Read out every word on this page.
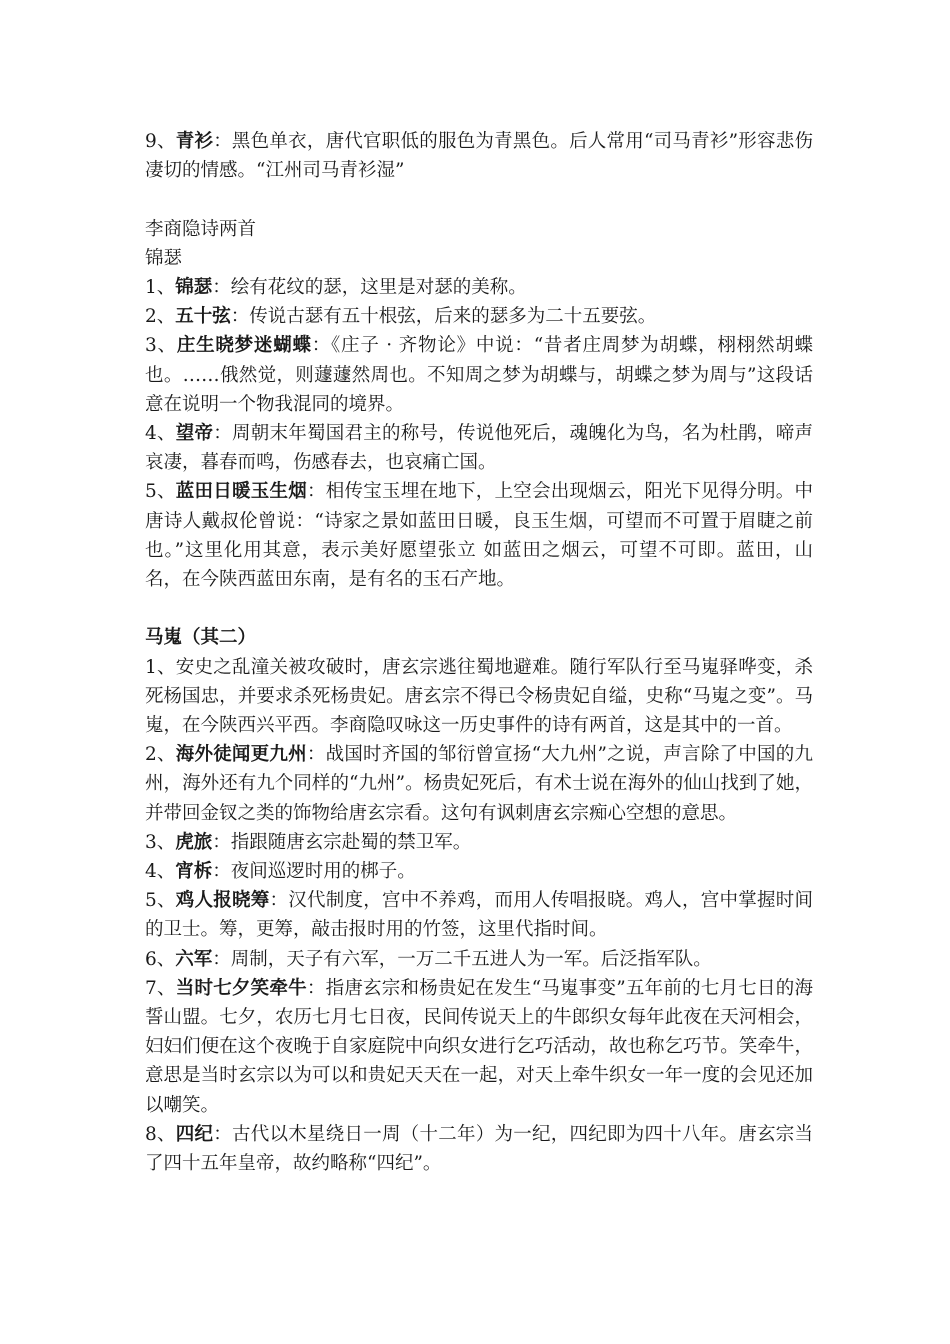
9、青衫：黑色单衣，唐代官职低的服色为青黑色。后人常用“司马青衫”形容悲伤凄切的情感。“江州司马青衫湿”

李商隐诗两首

锦瑟

1、锦瑟：绘有花纹的瑟，这里是对瑟的美称。

2、五十弦：传说古瑟有五十根弦，后来的瑟多为二十五要弦。

3、庄生晓梦迷蝴蝶：《庄子 · 齐物论》中说：“昔者庄周梦为胡蝶，栩栩然胡蝶也。……俄然觉，则蘧蘧然周也。不知周之梦为胡蝶与，胡蝶之梦为周与”这段话意在说明一个物我混同的境界。

4、望帝：周朝末年蜀国君主的称号，传说他死后，魂魄化为鸟，名为杜鹃，啼声哀凄，暮春而鸣，伤感春去，也哀痛亡国。

5、蓝田日暖玉生烟：相传宝玉埋在地下，上空会出现烟云，阳光下见得分明。中唐诗人戴叔伦曾说：“诗家之景如蓝田日暖，良玉生烟，可望而不可置于眉睫之前也。”这里化用其意，表示美好愿望张立 如蓝田之烟云，可望不可即。蓝田，山名，在今陕西蓝田东南，是有名的玉石产地。

马嵬（其二）

1、安史之乱潼关被攻破时，唐玄宗逃往蜀地避难。随行军队行至马嵬驿哗变，杀死杨国忠，并要求杀死杨贵妃。唐玄宗不得已令杨贵妃自缢，史称“马嵬之变”。马嵬，在今陕西兴平西。李商隐叹咏这一历史事件的诗有两首，这是其中的一首。

2、海外徒闻更九州：战国时齐国的邹衍曾宣扬“大九州”之说，声言除了中国的九州，海外还有九个同样的“九州”。杨贵妃死后，有术士说在海外的仙山找到了她，并带回金钗之类的饰物给唐玄宗看。这句有讽刺唐玄宗痴心空想的意思。

3、虎旅：指跟随唐玄宗赴蜀的禁卫军。

4、宵柝：夜间巡逻时用的梆子。

5、鸡人报晓筹：汉代制度，宫中不养鸡，而用人传唱报晓。鸡人，宫中掌握时间的卫士。筹，更筹，敲击报时用的竹签，这里代指时间。

6、六军：周制，天子有六军，一万二千五进人为一军。后泛指军队。

7、当时七夕笑牵牛：指唐玄宗和杨贵妃在发生“马嵬事变”五年前的七月七日的海誓山盟。七夕，农历七月七日夜，民间传说天上的牛郎织女每年此夜在天河相会，妇妇们便在这个夜晚于自家庭院中向织女进行乞巧活动，故也称乞巧节。笑牵牛，意思是当时玄宗以为可以和贵妃天天在一起，对天上牵牛织女一年一度的会见还加以嘲笑。

8、四纪：古代以木星绕日一周（十二年）为一纪，四纪即为四十八年。唐玄宗当了四十五年皇帝，故约略称“四纪”。
